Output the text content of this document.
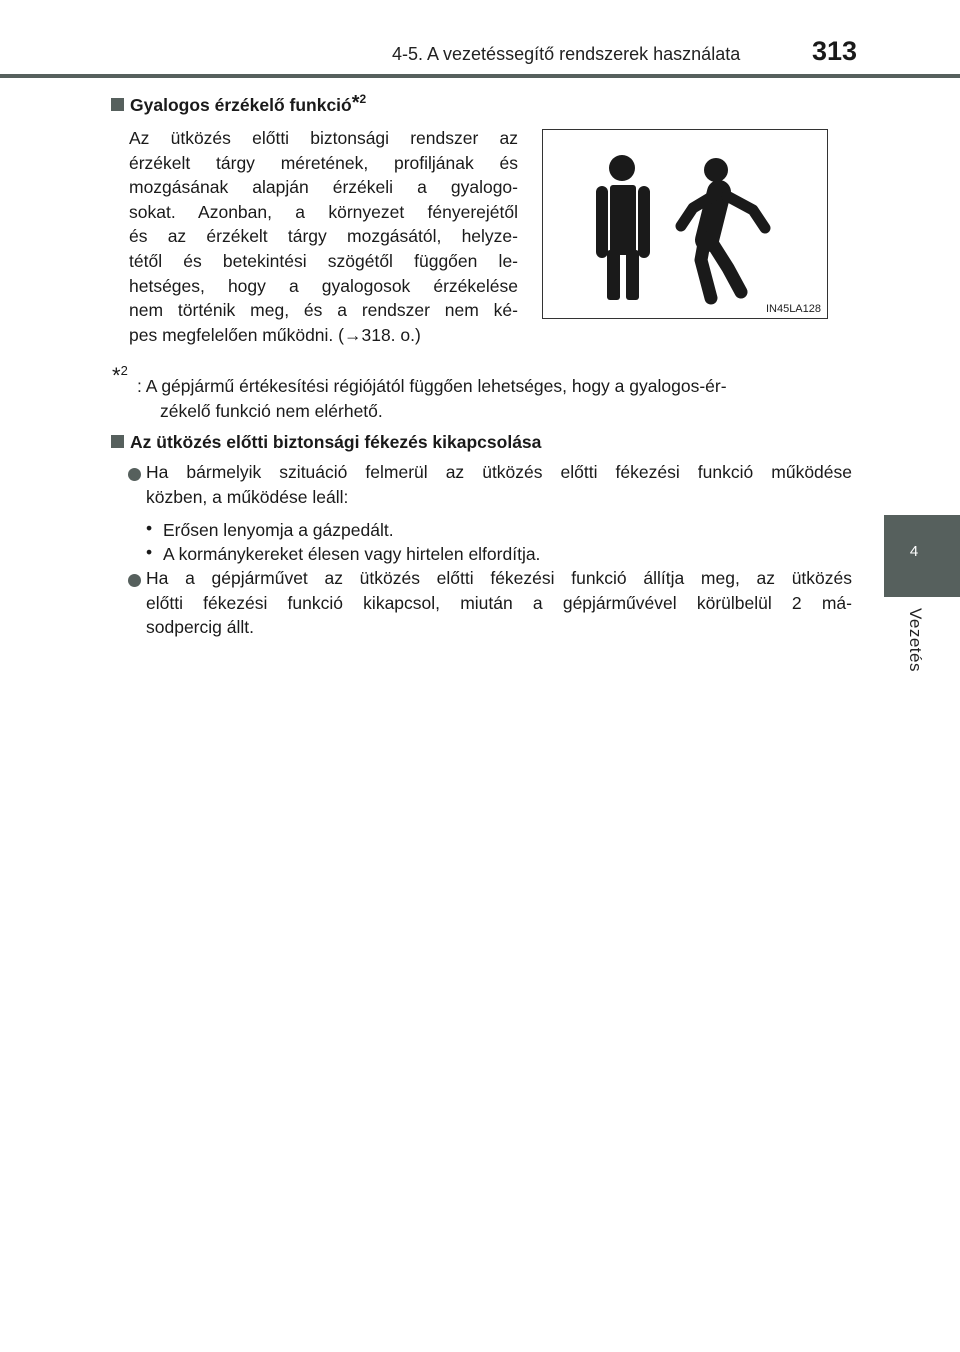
4-5. A vezetéssegítő rendszerek használata	313
4
Vezetés
Gyalogos érzékelő funkció*$^2$
Az ütközés előtti biztonsági rendszer az
érzékelt tárgy méretének, profiljának és
mozgásának alapján érzékeli a gyalogo-
sokat. Azonban, a környezet fényerejétől
és az érzékelt tárgy mozgásától, helyze-
tétől és betekintési szögétől függően le-
hetséges, hogy a gyalogosok érzékelése
nem történik meg, és a rendszer nem ké-
pes megfelelően működni. (→318. o.)
IN45LA128
*$^2$
: A gépjármű értékesítési régiójától függően lehetséges, hogy a gyalogos-ér-
zékelő funkció nem elérhető.
Az ütközés előtti biztonsági fékezés kikapcsolása
Ha bármelyik szituáció felmerül az ütközés előtti fékezési funkció működése
közben, a működése leáll:
• Erősen lenyomja a gázpedált.
• A kormánykereket élesen vagy hirtelen elfordítja.
Ha a gépjárművet az ütközés előtti fékezési funkció állítja meg, az ütközés
előtti fékezési funkció kikapcsol, miután a gépjárművével körülbelül 2 má-
sodpercig állt.
